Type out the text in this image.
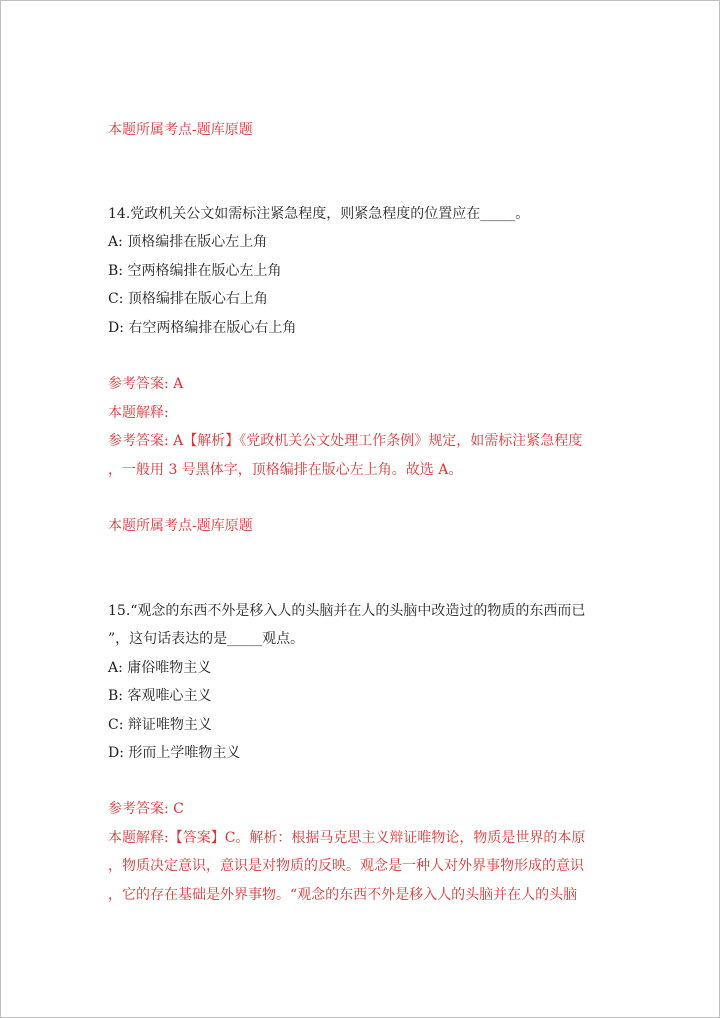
本题所属考点-题库原题
14.党政机关公文如需标注紧急程度，则紧急程度的位置应在_____。
A: 顶格编排在版心左上角
B: 空两格编排在版心左上角
C: 顶格编排在版心右上角
D: 右空两格编排在版心右上角
参考答案: A
本题解释:
参考答案: A【解析】《党政机关公文处理工作条例》规定，如需标注紧急程度
，一般用 3 号黑体字，顶格编排在版心左上角。故选 A。
本题所属考点-题库原题
15.“观念的东西不外是移入人的头脑并在人的头脑中改造过的物质的东西而已
”，这句话表达的是_____观点。
A: 庸俗唯物主义
B: 客观唯心主义
C: 辩证唯物主义
D: 形而上学唯物主义
参考答案: C
本题解释:【答案】C。解析：根据马克思主义辩证唯物论，物质是世界的本原
，物质决定意识，意识是对物质的反映。观念是一种人对外界事物形成的意识
，它的存在基础是外界事物。“观念的东西不外是移入人的头脑并在人的头脑
